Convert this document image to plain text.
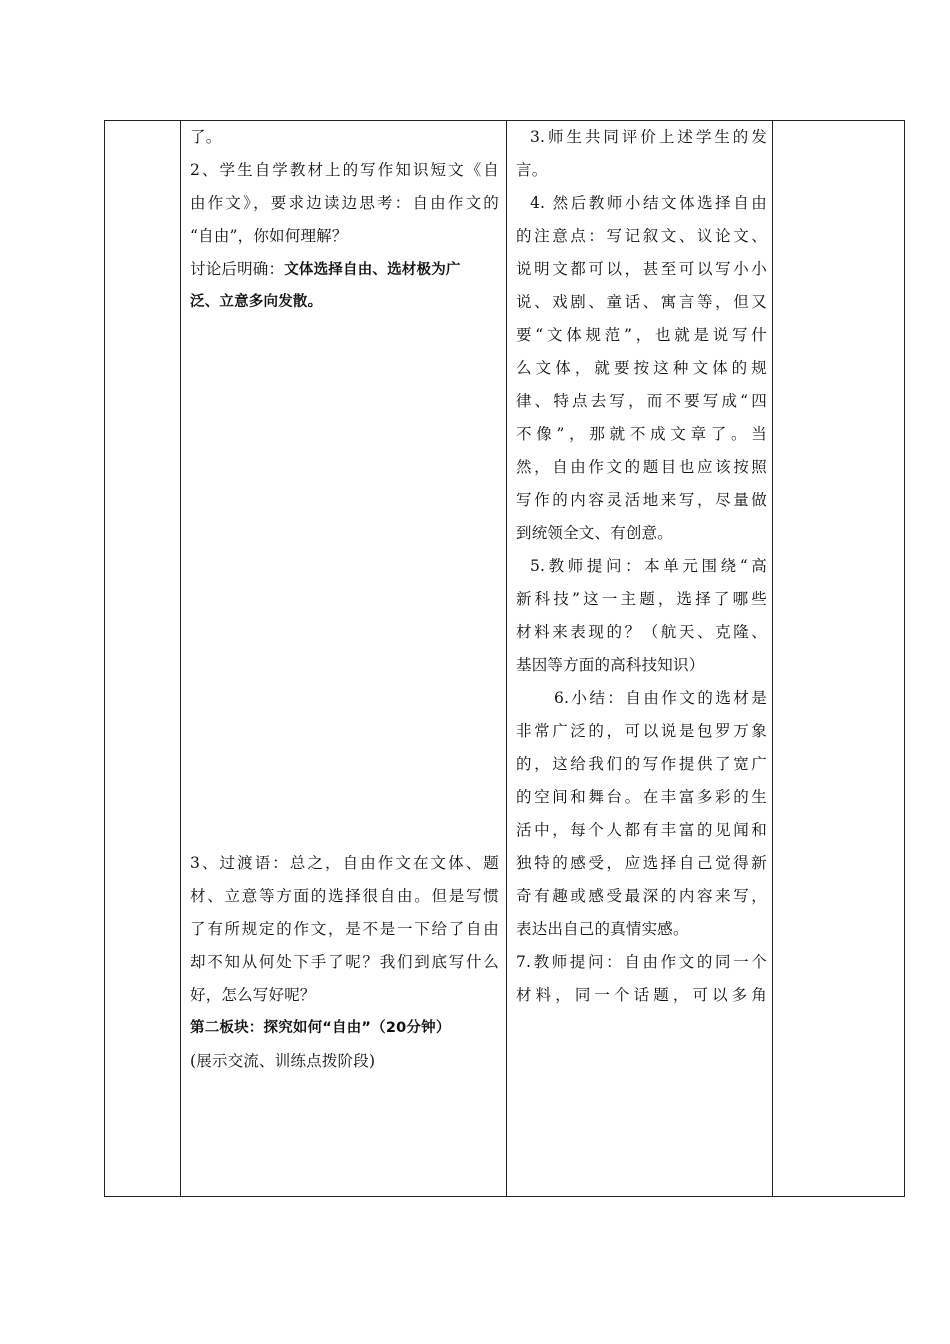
了。
2、学生自学教材上的写作知识短文《自
由作文》，要求边读边思考：自由作文的
“自由”，你如何理解？
讨论后明确：文体选择自由、选材极为广
泛、立意多向发散。
3、过渡语：总之，自由作文在文体、题
材、立意等方面的选择很自由。但是写惯
了有所规定的作文，是不是一下给了自由
却不知从何处下手了呢？我们到底写什么
好，怎么写好呢？
第二板块：探究如何“自由”（20分钟）
(展示交流、训练点拨阶段)
3.师生共同评价上述学生的发
言。
4. 然后教师小结文体选择自由
的注意点：写记叙文、议论文、
说明文都可以，甚至可以写小小
说、戏剧、童话、寓言等，但又
要“文体规范”，也就是说写什
么文体，就要按这种文体的规
律、特点去写，而不要写成“四
不像”，那就不成文章了。当
然，自由作文的题目也应该按照
写作的内容灵活地来写，尽量做
到统领全文、有创意。
5.教师提问：本单元围绕“高
新科技”这一主题，选择了哪些
材料来表现的？（航天、克隆、
基因等方面的高科技知识）
6.小结：自由作文的选材是
非常广泛的，可以说是包罗万象
的，这给我们的写作提供了宽广
的空间和舞台。在丰富多彩的生
活中，每个人都有丰富的见闻和
独特的感受，应选择自己觉得新
奇有趣或感受最深的内容来写，
表达出自己的真情实感。
7.教师提问：自由作文的同一个
材料，同一个话题，可以多角
